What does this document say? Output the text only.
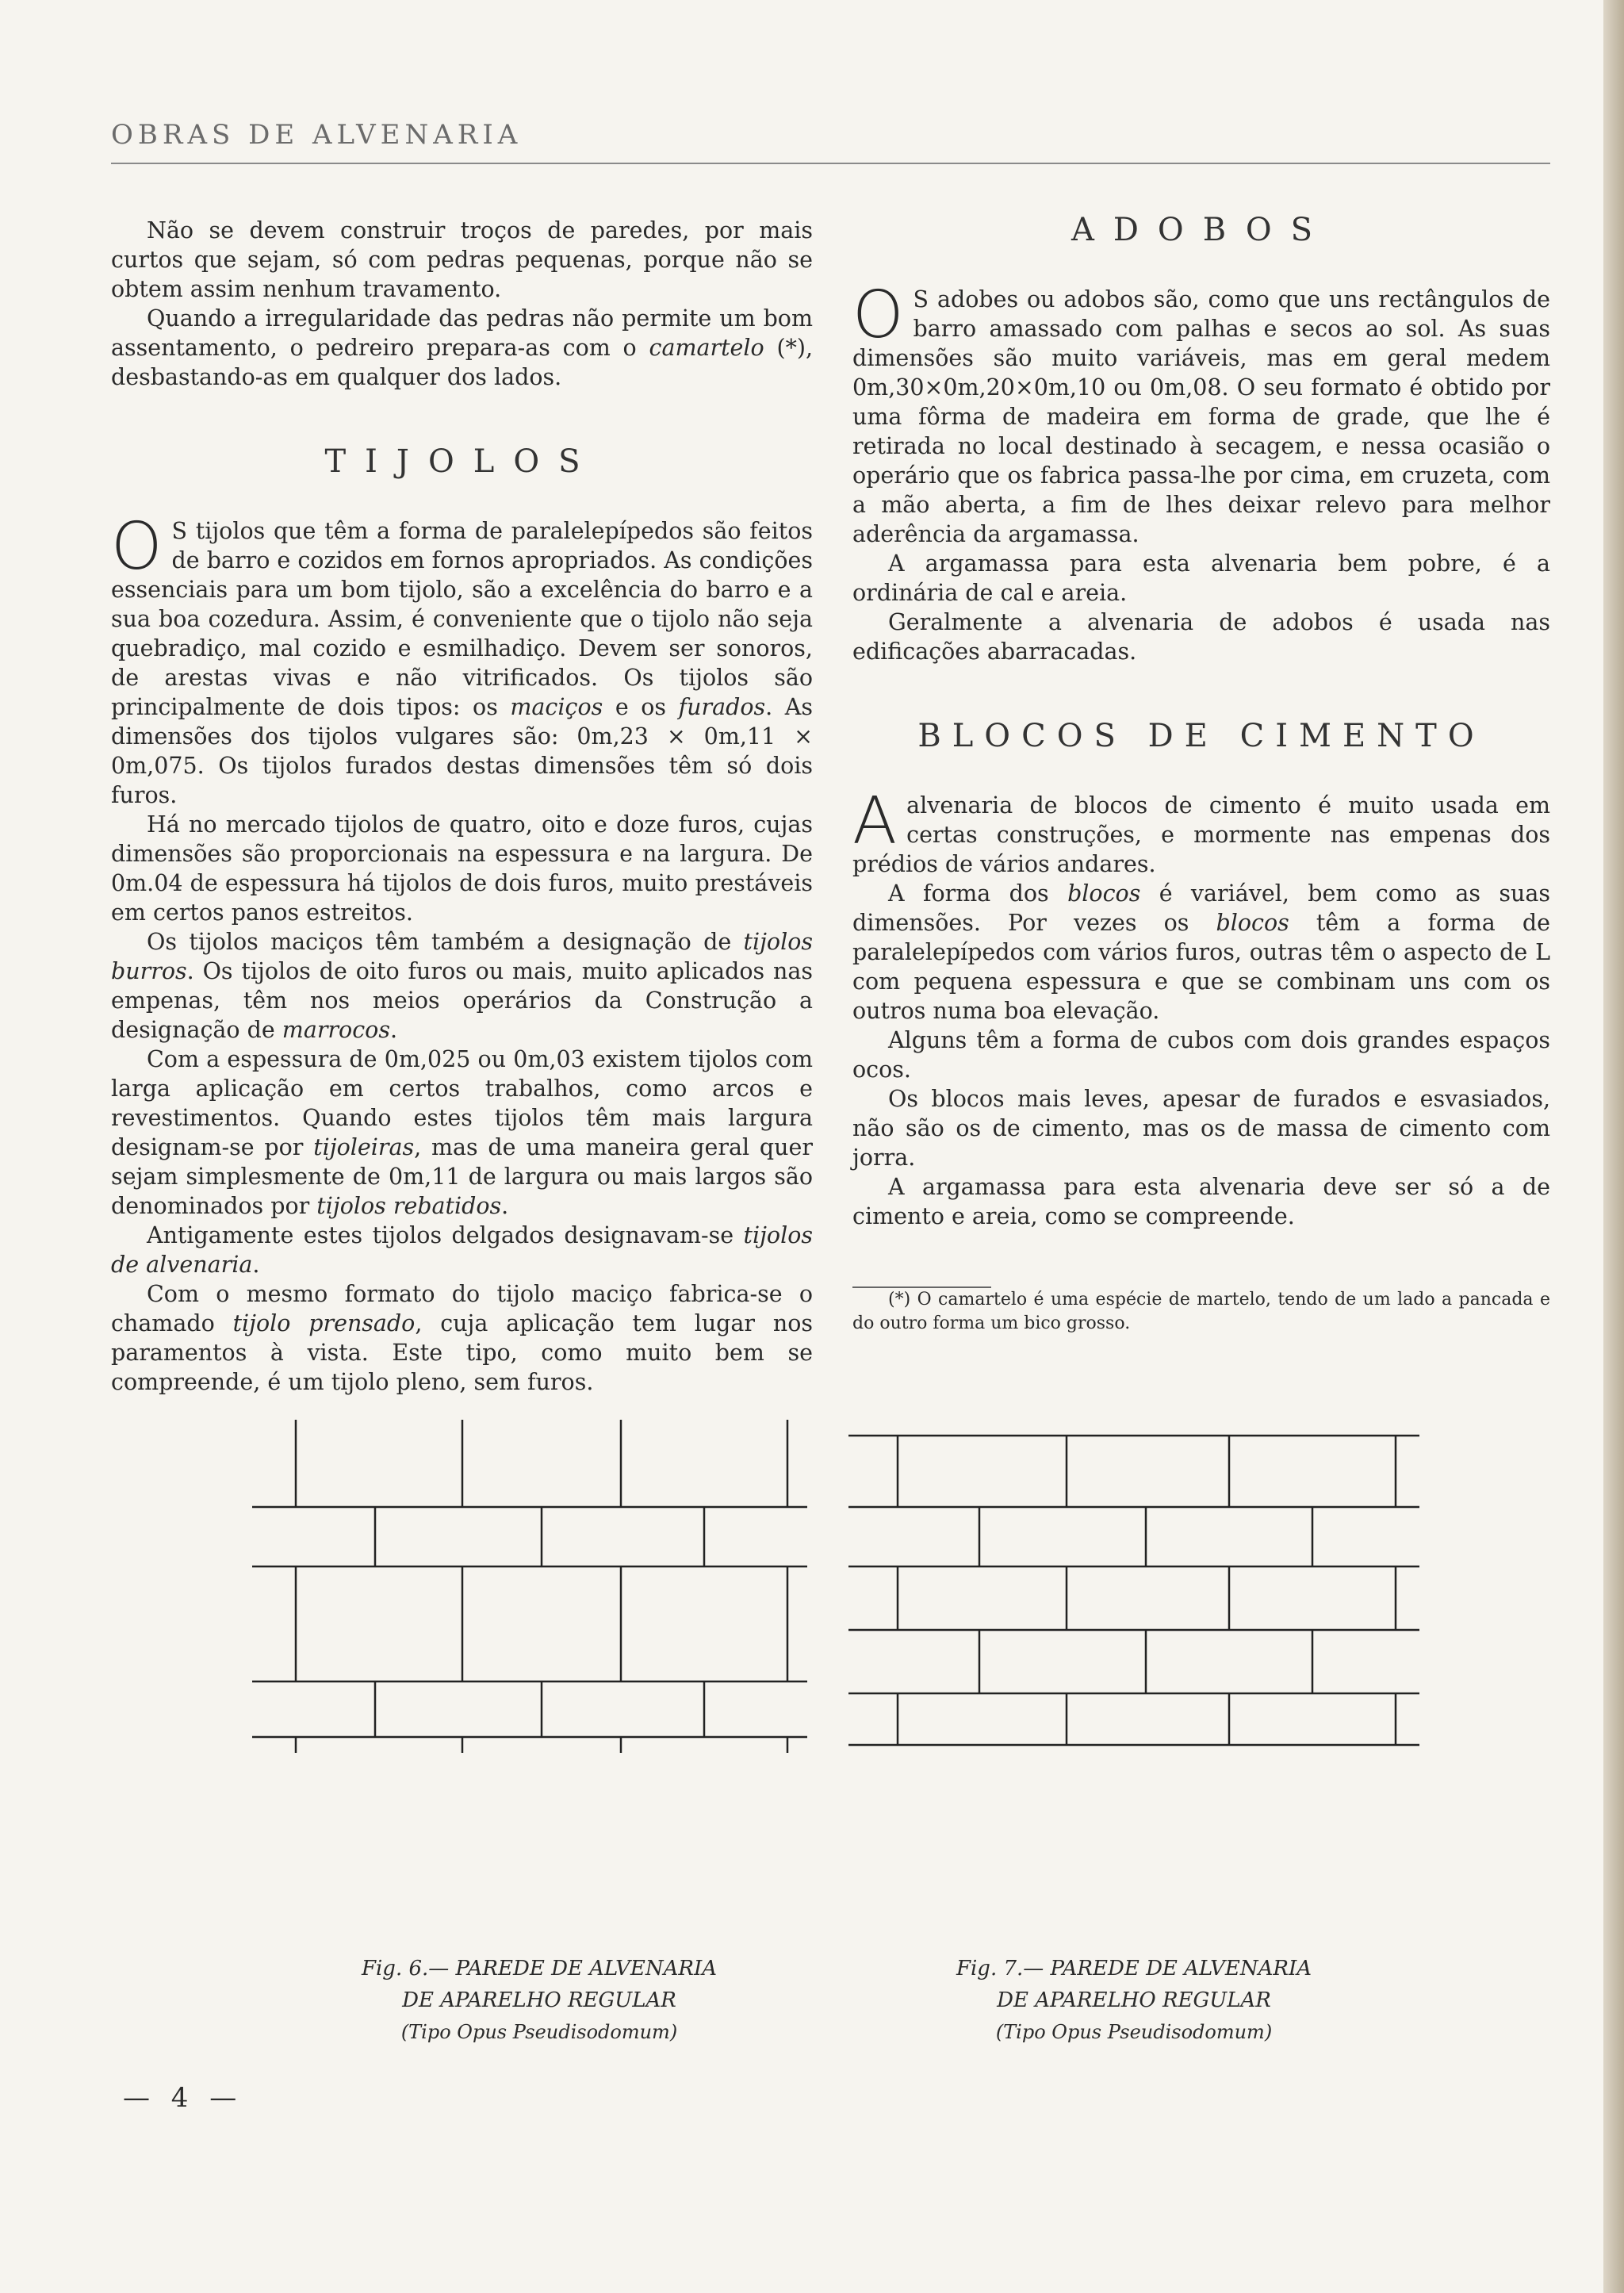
OBRAS DE ALVENARIA

Não se devem construir troços de paredes, por mais curtos que sejam, só com pedras pequenas, porque não se obtem assim nenhum travamento.

Quando a irregularidade das pedras não permite um bom assentamento, o pedreiro prepara-as com o camartelo (*), desbastando-as em qualquer dos lados.

TIJOLOS

O S tijolos que têm a forma de paralelepípedos são feitos de barro e cozidos em fornos apropriados. As condições essenciais para um bom tijolo, são a excelência do barro e a sua boa cozedura. Assim, é conveniente que o tijolo não seja quebradiço, mal cozido e esmilhadiço. Devem ser sonoros, de arestas vivas e não vitrificados. Os tijolos são principalmente de dois tipos: os maciços e os furados. As dimensões dos tijolos vulgares são: 0m,23 × 0m,11 × 0m,075. Os tijolos furados destas dimensões têm só dois furos.

Há no mercado tijolos de quatro, oito e doze furos, cujas dimensões são proporcionais na espessura e na largura. De 0m.04 de espessura há tijolos de dois furos, muito prestáveis em certos panos estreitos.

Os tijolos maciços têm também a designação de tijolos burros. Os tijolos de oito furos ou mais, muito aplicados nas empenas, têm nos meios operários da Construção a designação de marrocos.

Com a espessura de 0m,025 ou 0m,03 existem tijolos com larga aplicação em certos trabalhos, como arcos e revestimentos. Quando estes tijolos têm mais largura designam-se por tijoleiras, mas de uma maneira geral quer sejam simplesmente de 0m,11 de largura ou mais largos são denominados por tijolos rebatidos.

Antigamente estes tijolos delgados designavam-se tijolos de alvenaria.

Com o mesmo formato do tijolo maciço fabrica-se o chamado tijolo prensado, cuja aplicação tem lugar nos paramentos à vista. Este tipo, como muito bem se compreende, é um tijolo pleno, sem furos.

ADOBOS

O S adobes ou adobos são, como que uns rectângulos de barro amassado com palhas e secos ao sol. As suas dimensões são muito variáveis, mas em geral medem 0m,30×0m,20×0m,10 ou 0m,08. O seu formato é obtido por uma fôrma de madeira em forma de grade, que lhe é retirada no local destinado à secagem, e nessa ocasião o operário que os fabrica passa-lhe por cima, em cruzeta, com a mão aberta, a fim de lhes deixar relevo para melhor aderência da argamassa.

A argamassa para esta alvenaria bem pobre, é a ordinária de cal e areia.

Geralmente a alvenaria de adobos é usada nas edificações abarracadas.

BLOCOS DE CIMENTO

Aalvenaria de blocos de cimento é muito usada em certas construções, e mormente nas empenas dos prédios de vários andares.

A forma dos blocos é variável, bem como as suas dimensões. Por vezes os blocos têm a forma de paralelepípedos com vários furos, outras têm o aspecto de L com pequena espessura e que se combinam uns com os outros numa boa elevação.

Alguns têm a forma de cubos com dois grandes espaços ocos.

Os blocos mais leves, apesar de furados e esvasiados, não são os de cimento, mas os de massa de cimento com jorra.

A argamassa para esta alvenaria deve ser só a de cimento e areia, como se compreende.

(*) O camartelo é uma espécie de martelo, tendo de um lado a pancada e do outro forma um bico grosso.

Fig. 6.— PAREDE DE ALVENARIA
DE APARELHO REGULAR
(Tipo Opus Pseudisodomum)
Fig. 7.— PAREDE DE ALVENARIA
DE APARELHO REGULAR
(Tipo Opus Pseudisodomum)
— 4 —
